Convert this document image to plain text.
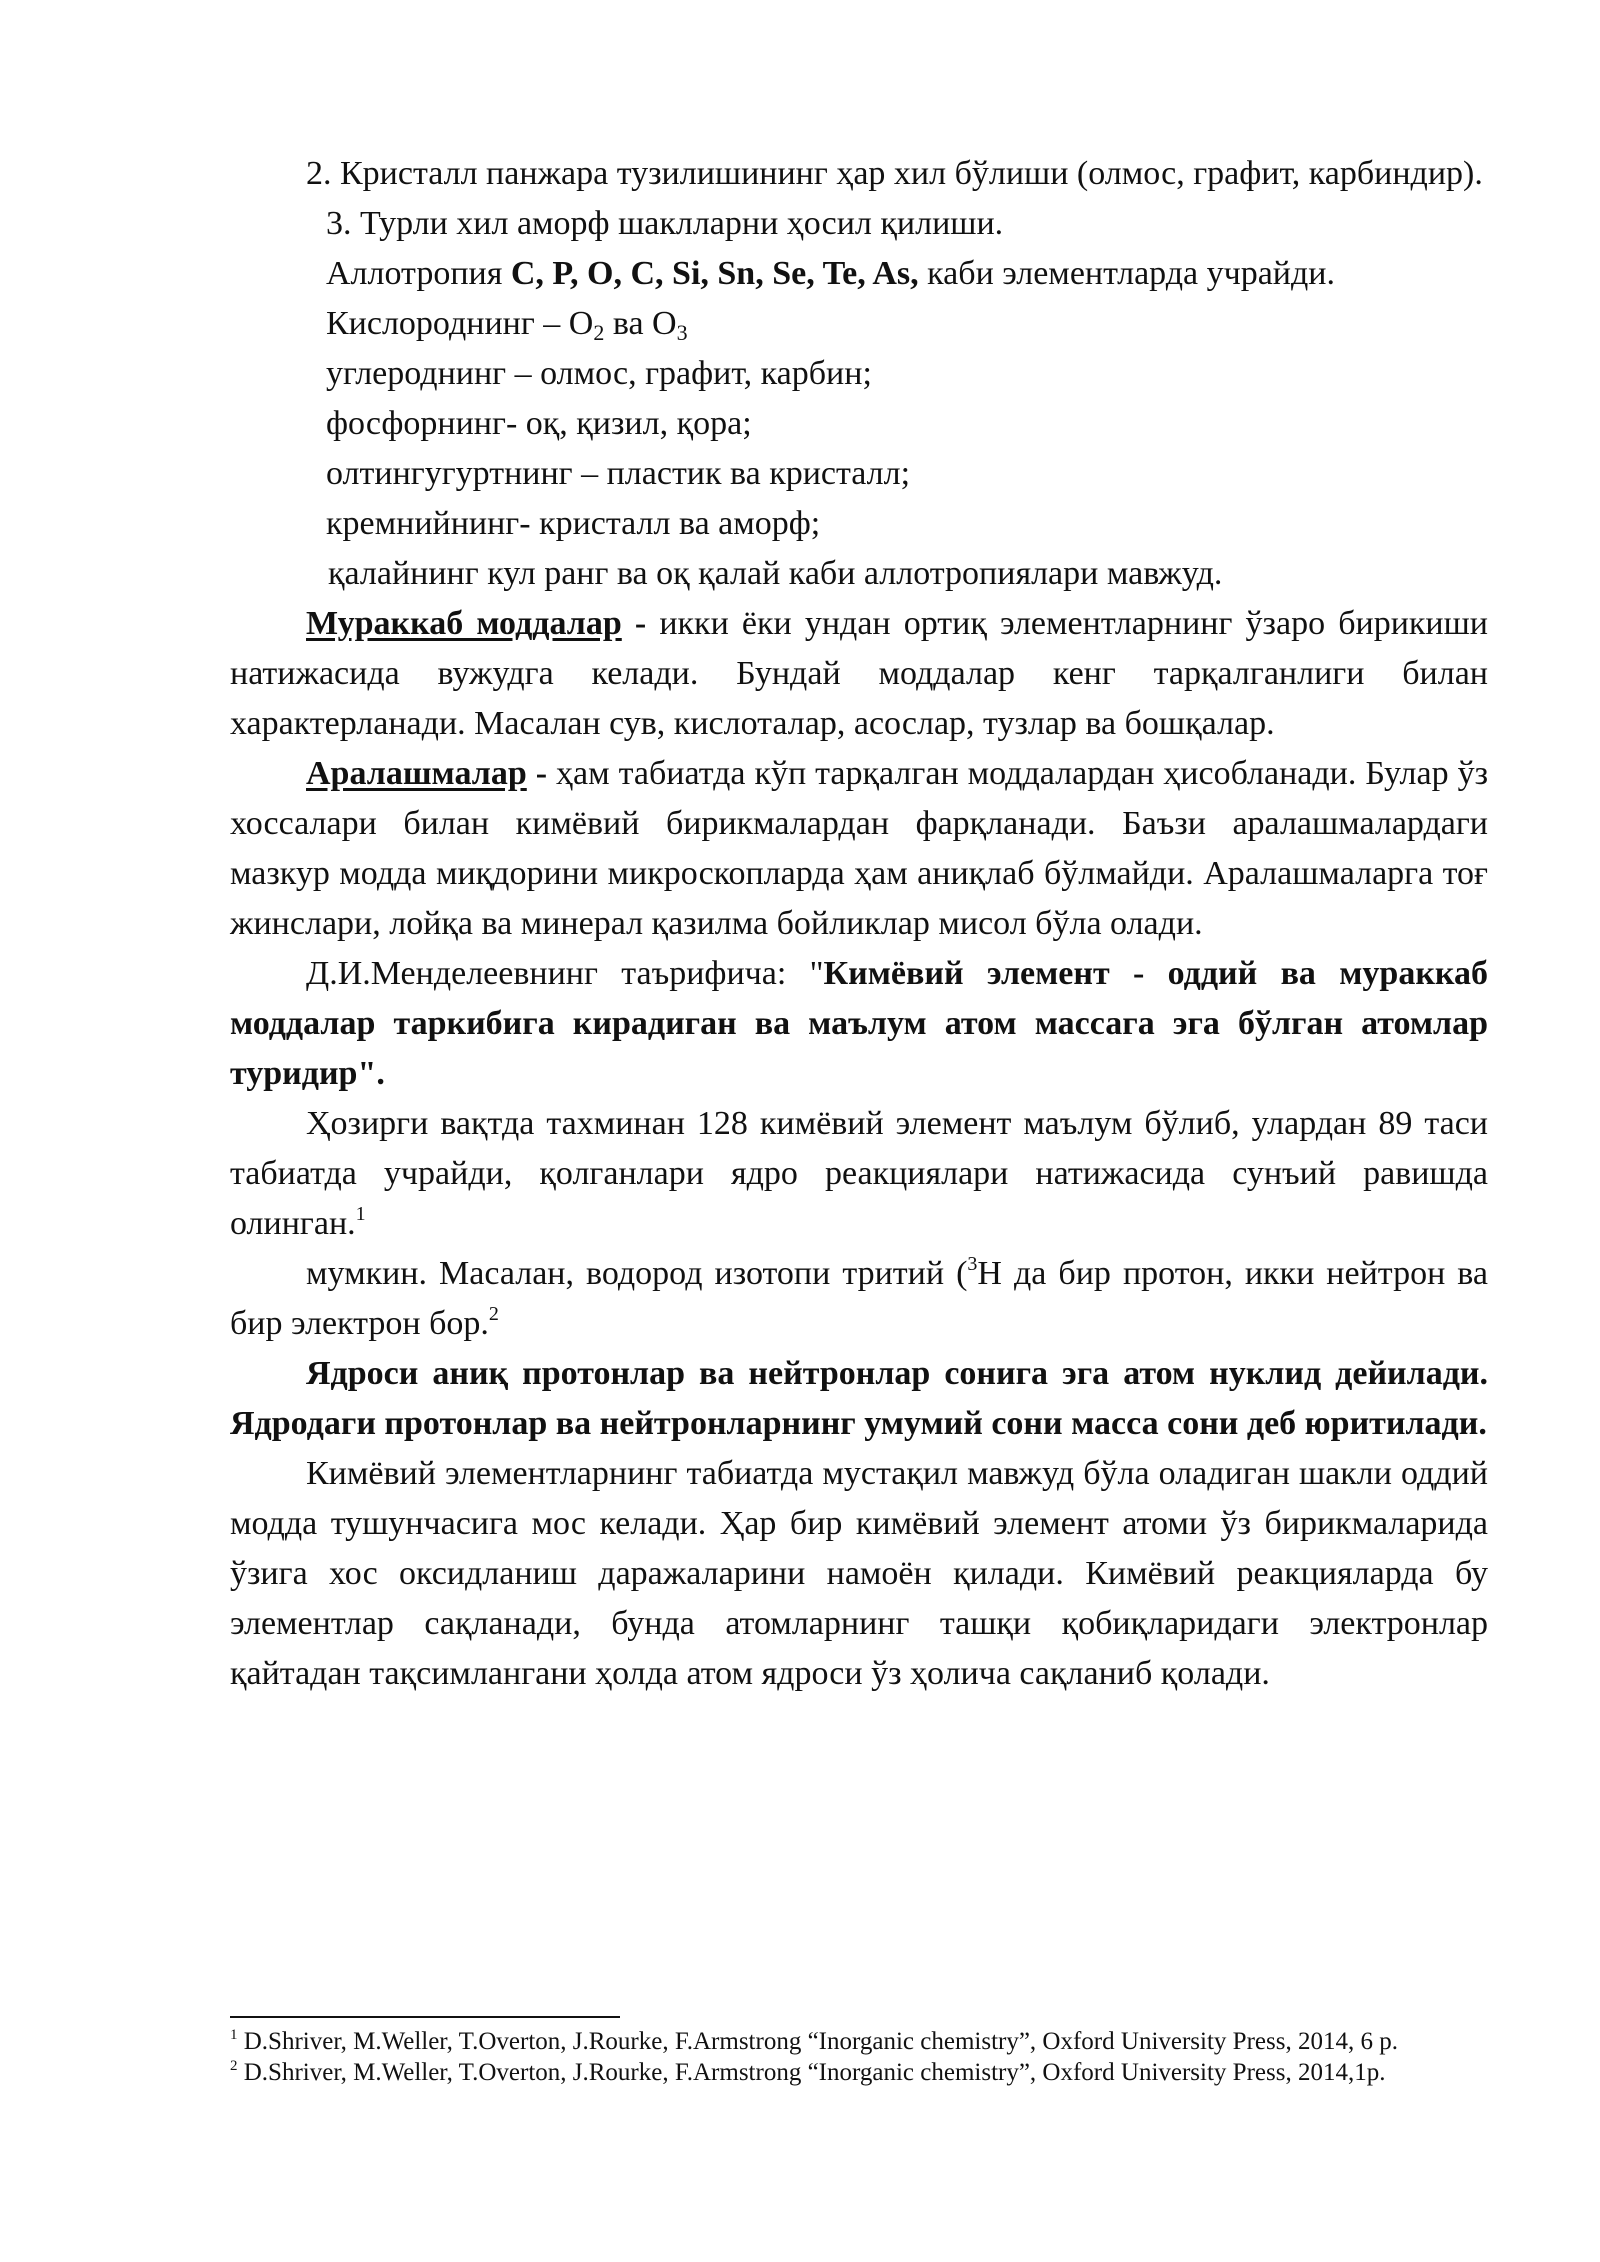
2. Кристалл панжара тузилишининг ҳар хил бўлиши (олмос, графит, карбиндир).

3. Турли хил аморф шаклларни ҳосил қилиши.

Аллотропия C, P, O, C, Si, Sn, Se, Te, As, каби элементларда учрайди.

Кислороднинг – $O_2$ ва $O_3$

углероднинг – олмос, графит, карбин;

фосфорнинг- оқ, қизил, қора;

олтингугуртнинг – пластик ва кристалл;

кремнийнинг- кристалл ва аморф;

қалайнинг кул ранг ва оқ қалай каби аллотропиялари мавжуд.

Мураккаб моддалар - икки ёки ундан ортиқ элементларнинг ўзаро бирикиши натижасида вужудга келади. Бундай моддалар кенг тарқалганлиги билан характерланади. Масалан сув, кислоталар, асослар, тузлар ва бошқалар.

Аралашмалар - ҳам табиатда кўп тарқалган моддалардан ҳисобланади. Булар ўз хоссалари билан кимёвий бирикмалардан фарқланади. Баъзи аралашмалардаги мазкур модда миқдорини микроскопларда ҳам аниқлаб бўлмайди. Аралашмаларга тоғ жинслари, лойқа ва минерал қазилма бойликлар мисол бўла олади.

Д.И.Менделеевнинг таърифича: "Кимёвий элемент - оддий ва мураккаб моддалар таркибига кирадиган ва маълум атом массага эга бўлган атомлар туридир".

Ҳозирги вақтда тахминан 128 кимёвий элемент маълум бўлиб, улардан 89 таси табиатда учрайди, қолганлари ядро реакциялари натижасида сунъий равишда олинган.$^1$

мумкин. Масалан, водород изотопи тритий ($^3$H да бир протон, икки нейтрон ва бир электрон бор.$^2$

Ядроси аниқ протонлар ва нейтронлар сонига эга атом нуклид дейилади. Ядродаги протонлар ва нейтронларнинг умумий сони масса сони деб юритилади.

Кимёвий элементларнинг табиатда мустақил мавжуд бўла оладиган шакли оддий модда тушунчасига мос келади. Ҳар бир кимёвий элемент атоми ўз бирикмаларида ўзига хос оксидланиш даражаларини намоён қилади. Кимёвий реакцияларда бу элементлар сақланади, бунда атомларнинг ташқи қобиқларидаги электронлар қайтадан тақсимлангани ҳолда атом ядроси ўз ҳолича сақланиб қолади.

$^1$ D.Shriver, M.Weller, T.Overton, J.Rourke, F.Armstrong “Inorganic chemistry”, Oxford University Press, 2014, 6 p.

$^2$ D.Shriver, M.Weller, T.Overton, J.Rourke, F.Armstrong “Inorganic chemistry”, Oxford University Press, 2014,1p.
